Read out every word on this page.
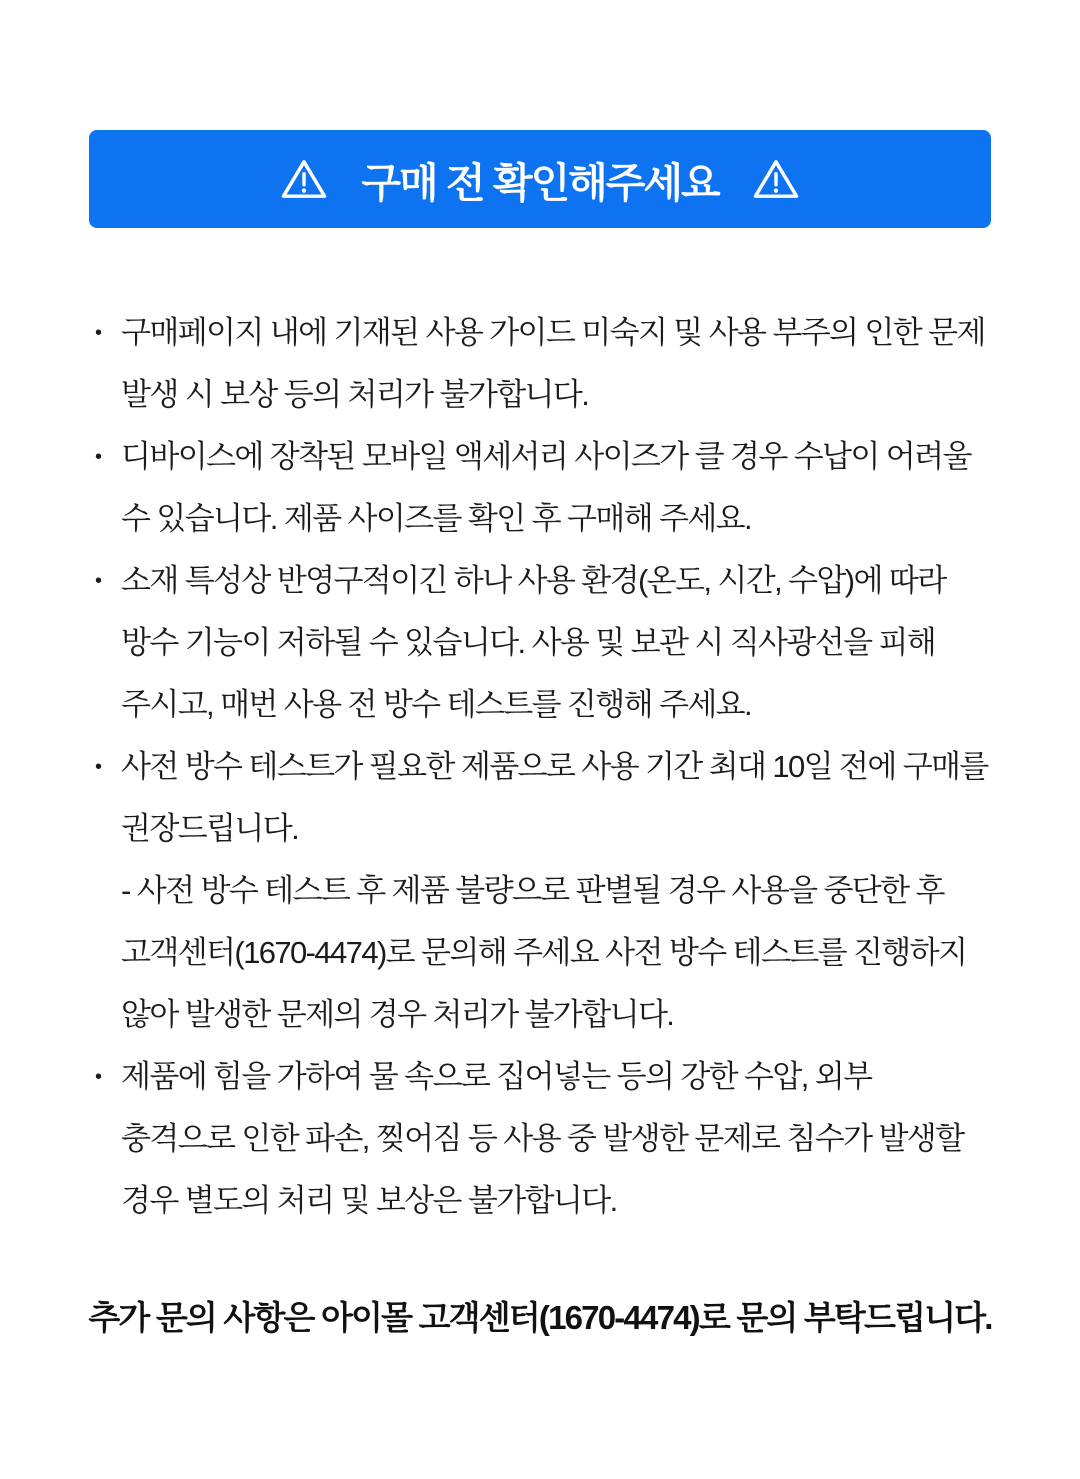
구매 전 확인해주세요
• 구매페이지 내에 기재된 사용 가이드 미숙지 및 사용 부주의 인한 문제 발생 시 보상 등의 처리가 불가합니다.
• 디바이스에 장착된 모바일 액세서리 사이즈가 클 경우 수납이 어려울 수 있습니다. 제품 사이즈를 확인 후 구매해 주세요.
• 소재 특성상 반영구적이긴 하나 사용 환경(온도, 시간, 수압)에 따라 방수 기능이 저하될 수 있습니다. 사용 및 보관 시 직사광선을 피해 주시고, 매번 사용 전 방수 테스트를 진행해 주세요.
• 사전 방수 테스트가 필요한 제품으로 사용 기간 최대 10일 전에 구매를 권장드립니다.
- 사전 방수 테스트 후 제품 불량으로 판별될 경우 사용을 중단한 후 고객센터(1670-4474)로 문의해 주세요 사전 방수 테스트를 진행하지 않아 발생한 문제의 경우 처리가 불가합니다.
• 제품에 힘을 가하여 물 속으로 집어넣는 등의 강한 수압, 외부 충격으로 인한 파손, 찢어짐 등 사용 중 발생한 문제로 침수가 발생할 경우 별도의 처리 및 보상은 불가합니다.

추가 문의 사항은 아이몰 고객센터(1670-4474)로 문의 부탁드립니다.
